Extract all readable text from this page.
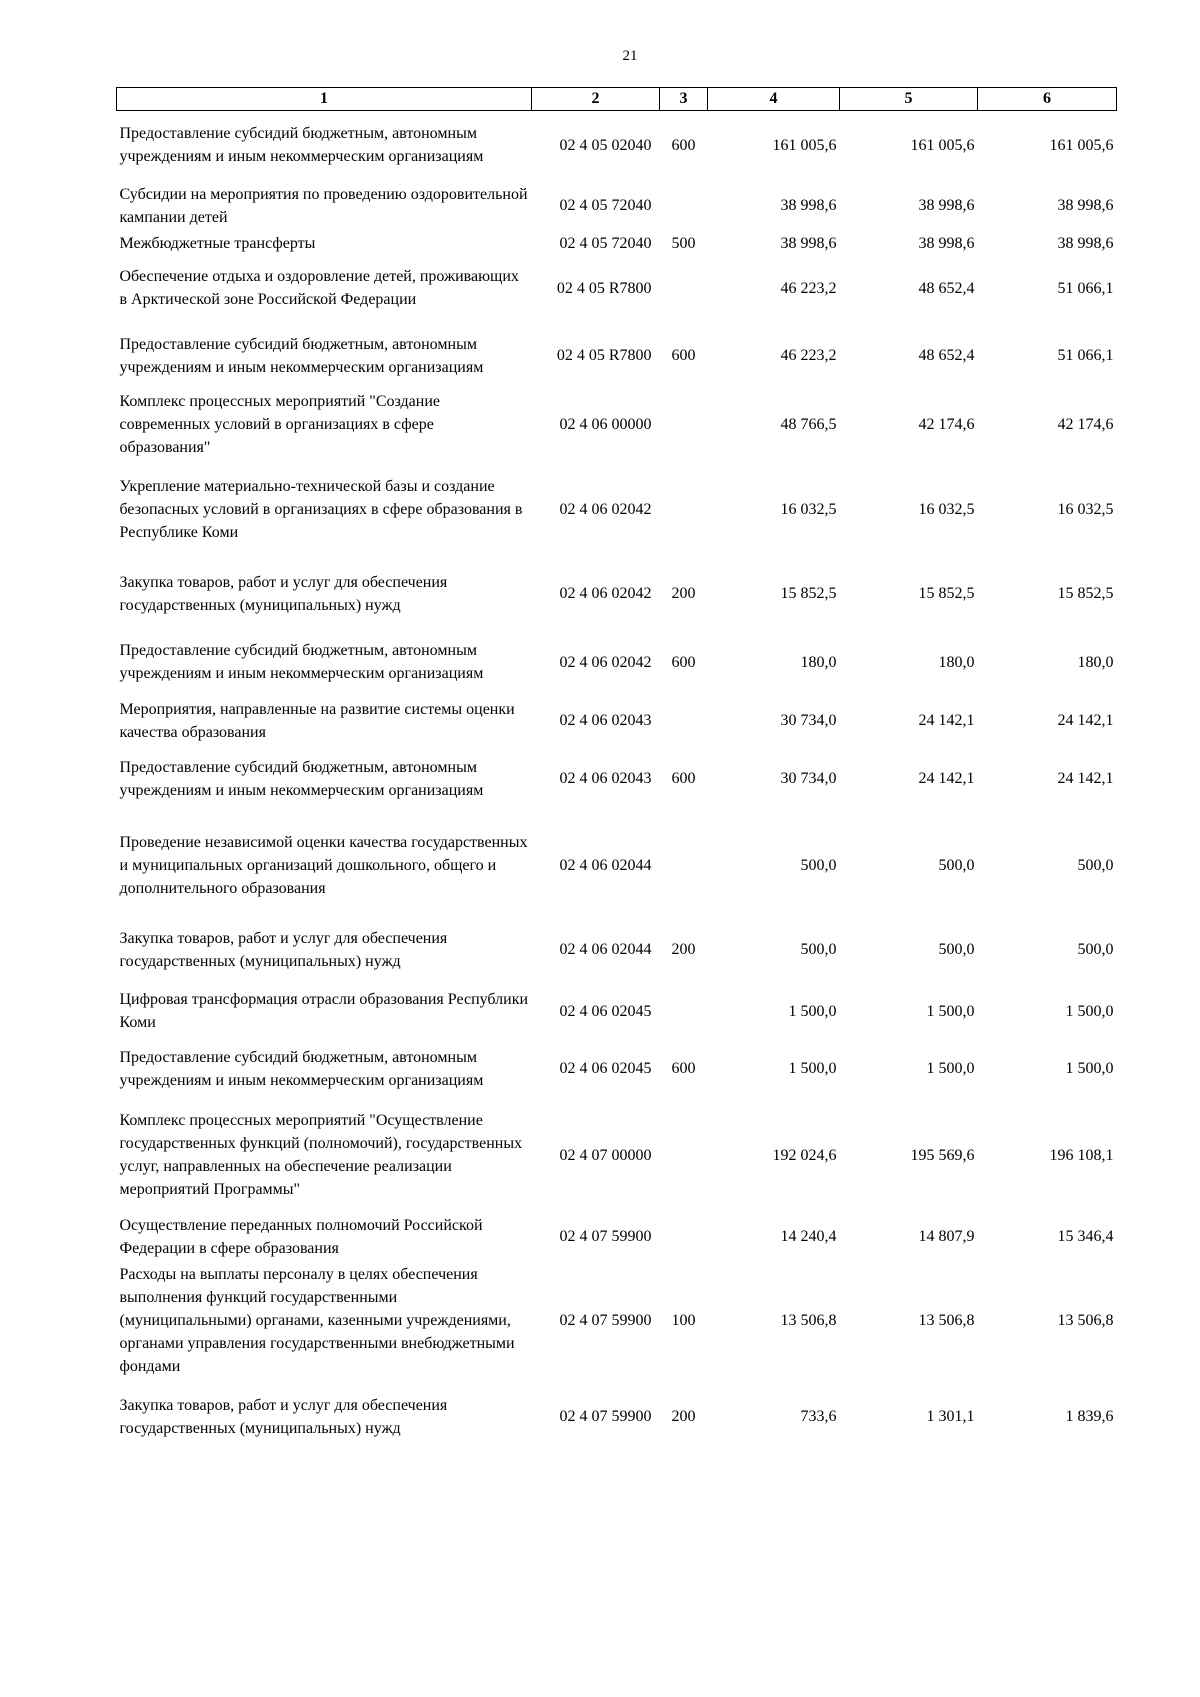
21
1	2	3	4	5	6
Предоставление субсидий бюджетным, автономным учреждениям и иным некоммерческим организациям	02 4 05 02040	600	161 005,6	161 005,6	161 005,6
Субсидии на мероприятия по проведению оздоровительной кампании детей	02 4 05 72040		38 998,6	38 998,6	38 998,6
Межбюджетные трансферты	02 4 05 72040	500	38 998,6	38 998,6	38 998,6
Обеспечение отдыха и оздоровление детей, проживающих в Арктической зоне Российской Федерации	02 4 05 R7800		46 223,2	48 652,4	51 066,1
Предоставление субсидий бюджетным, автономным учреждениям и иным некоммерческим организациям	02 4 05 R7800	600	46 223,2	48 652,4	51 066,1
Комплекс процессных мероприятий "Создание современных условий в организациях в сфере образования"	02 4 06 00000		48 766,5	42 174,6	42 174,6
Укрепление материально-технической базы и создание безопасных условий в организациях в сфере образования в Республике Коми	02 4 06 02042		16 032,5	16 032,5	16 032,5
Закупка товаров, работ и услуг для обеспечения государственных (муниципальных) нужд	02 4 06 02042	200	15 852,5	15 852,5	15 852,5
Предоставление субсидий бюджетным, автономным учреждениям и иным некоммерческим организациям	02 4 06 02042	600	180,0	180,0	180,0
Мероприятия, направленные на развитие системы оценки качества образования	02 4 06 02043		30 734,0	24 142,1	24 142,1
Предоставление субсидий бюджетным, автономным учреждениям и иным некоммерческим организациям	02 4 06 02043	600	30 734,0	24 142,1	24 142,1
Проведение независимой оценки качества государственных и муниципальных организаций дошкольного, общего и дополнительного образования	02 4 06 02044		500,0	500,0	500,0
Закупка товаров, работ и услуг для обеспечения государственных (муниципальных) нужд	02 4 06 02044	200	500,0	500,0	500,0
Цифровая трансформация отрасли образования Республики Коми	02 4 06 02045		1 500,0	1 500,0	1 500,0
Предоставление субсидий бюджетным, автономным учреждениям и иным некоммерческим организациям	02 4 06 02045	600	1 500,0	1 500,0	1 500,0
Комплекс процессных мероприятий "Осуществление государственных функций (полномочий), государственных услуг, направленных на обеспечение реализации мероприятий Программы"	02 4 07 00000		192 024,6	195 569,6	196 108,1
Осуществление переданных полномочий Российской Федерации в сфере образования	02 4 07 59900		14 240,4	14 807,9	15 346,4
Расходы на выплаты персоналу в целях обеспечения выполнения функций государственными (муниципальными) органами, казенными учреждениями, органами управления государственными внебюджетными фондами	02 4 07 59900	100	13 506,8	13 506,8	13 506,8
Закупка товаров, работ и услуг для обеспечения государственных (муниципальных) нужд	02 4 07 59900	200	733,6	1 301,1	1 839,6
